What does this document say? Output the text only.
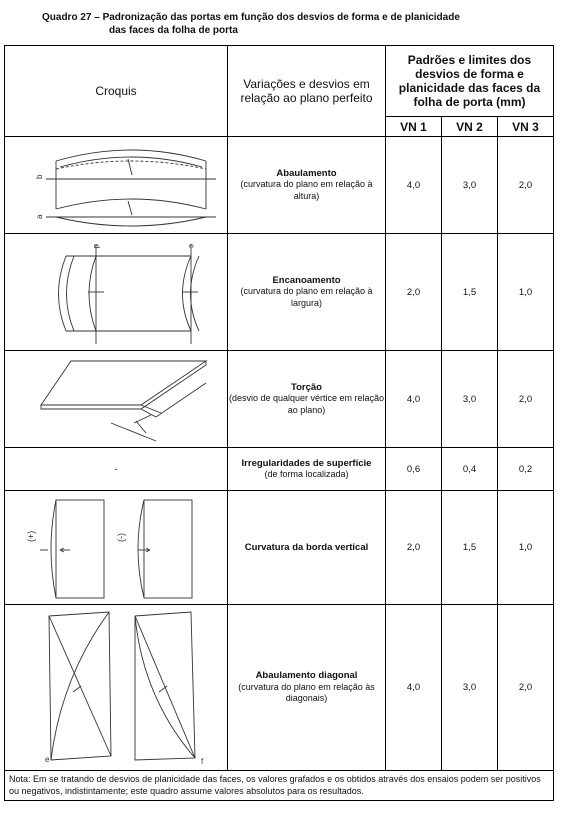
Quadro 27 – Padronização das portas em função dos desvios de forma e de planicidade
das faces da folha de porta
Croquis	Variações e desvios em relação ao plano perfeito	Padrões e limites dos desvios de forma e planicidade das faces da folha de porta (mm)		
		VN 1	VN 2	VN 3

b
a	Abaulamento
(curvatura do plano em relação à altura)	4,0	3,0	2,0

d c	Encanoamento
(curvatura do plano em relação à largura)	2,0	1,5	1,0

Torção
(desvio de qualquer vértice em relação ao plano)	4,0	3,0	2,0
-	Irregularidades de superfície
(de forma localizada)	0,6	0,4	0,2

(+) (-)	Curvatura da borda vertical	2,0	1,5	1,0

e f	Abaulamento diagonal
(curvatura do plano em relação às diagonais)	4,0	3,0	2,0
Nota: Em se tratando de desvios de planicidade das faces, os valores grafados e os obtidos através dos ensaios podem ser positivos ou negativos, indistintamente; este quadro assume valores absolutos para os resultados.				
